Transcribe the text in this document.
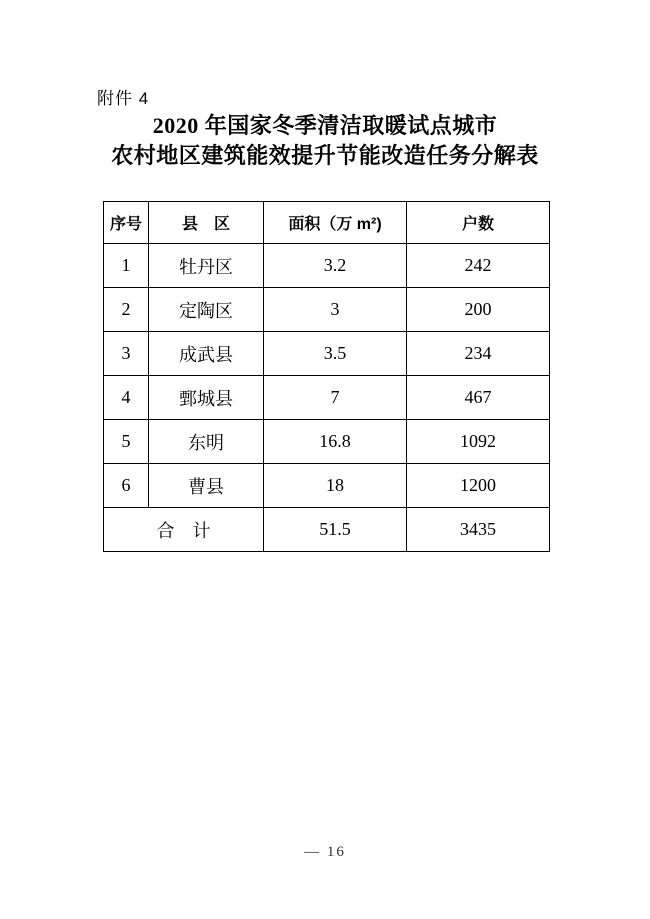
附件 4
2020 年国家冬季清洁取暖试点城市
农村地区建筑能效提升节能改造任务分解表
序号	县　区	面积（万 m²)	户数
1	牡丹区	3.2	242
2	定陶区	3	200
3	成武县	3.5	234
4	鄄城县	7	467
5	东明	16.8	1092
6	曹县	18	1200
合　计		51.5	3435
— 16
